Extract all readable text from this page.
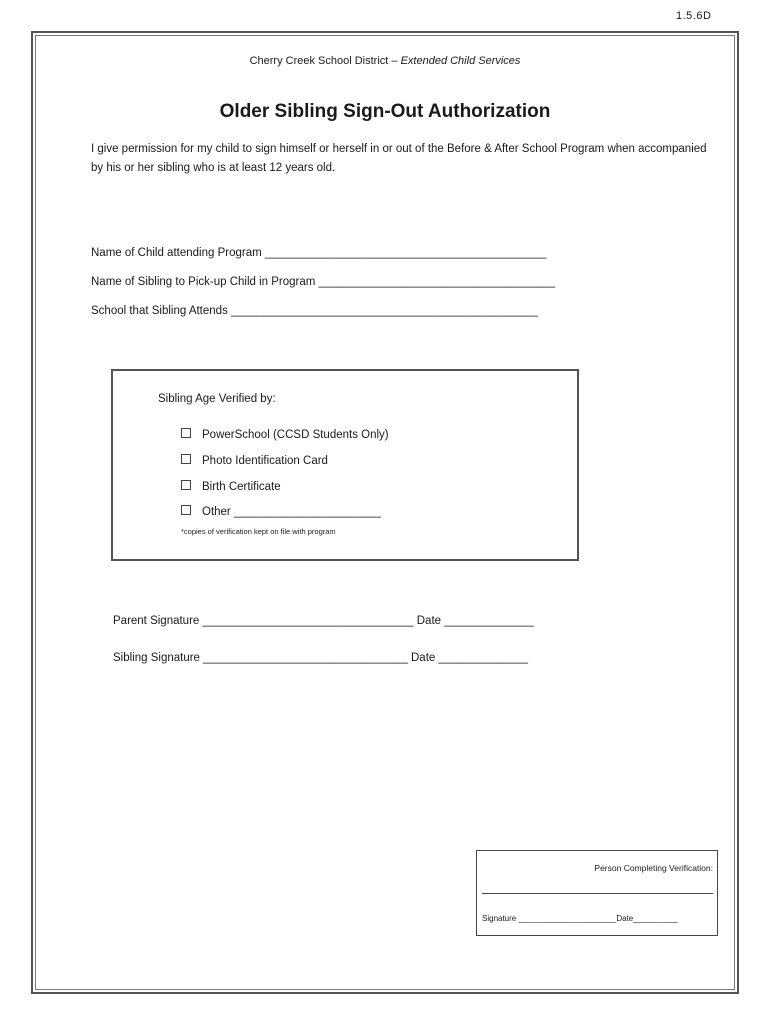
1.5.6D
Cherry Creek School District – Extended Child Services
Older Sibling Sign-Out Authorization
I give permission for my child to sign himself or herself in or out of the Before & After School Program when accompanied by his or her sibling who is at least 12 years old.
Name of Child attending Program ____________________________________________
Name of Sibling to Pick-up Child in Program _____________________________________
School that Sibling Attends ________________________________________________
Sibling Age Verified by:
PowerSchool (CCSD Students Only)
Photo Identification Card
Birth Certificate
Other _______________________
*copies of verification kept on file with program
Parent Signature _________________________________ Date ______________
Sibling Signature ________________________________ Date ______________
Person Completing Verification:
Signature ______________________Date__________
